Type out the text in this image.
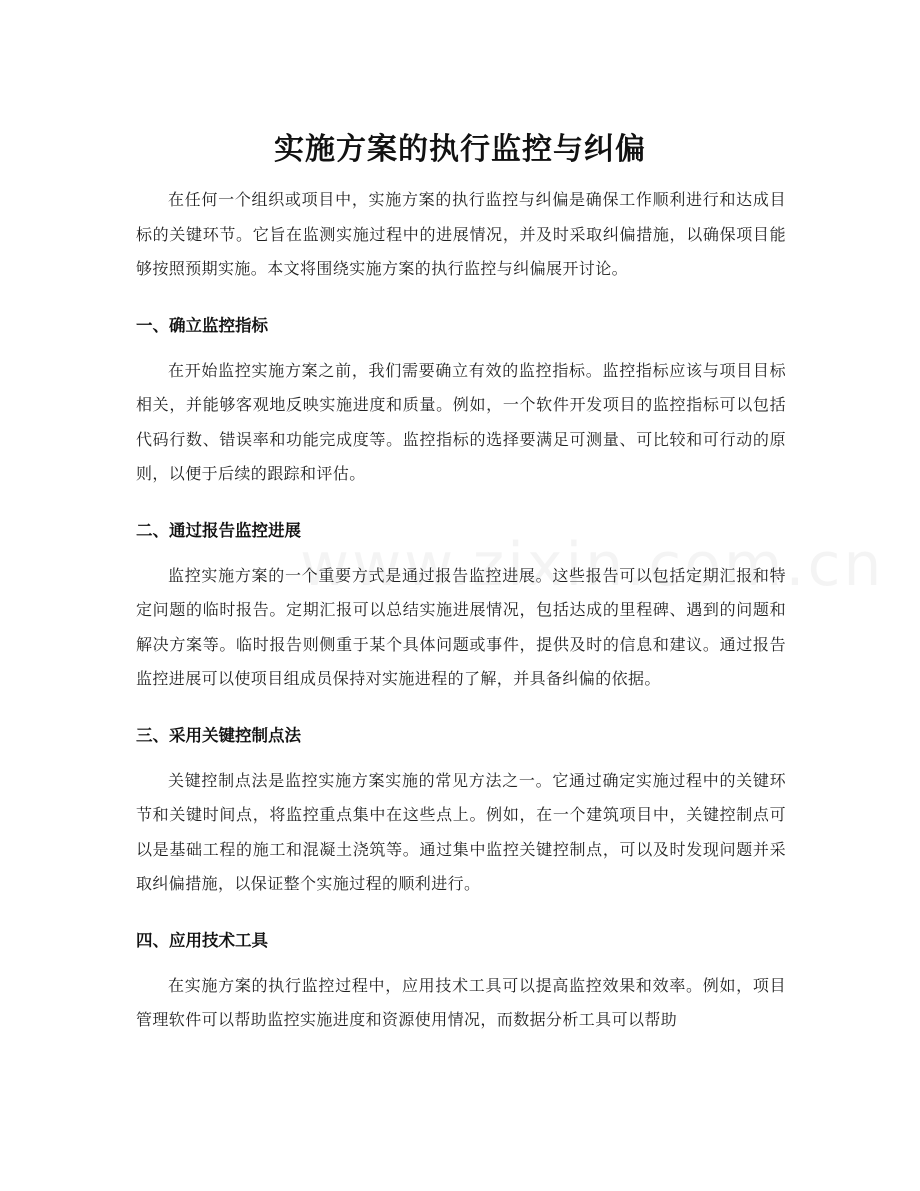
实施方案的执行监控与纠偏

在任何一个组织或项目中，实施方案的执行监控与纠偏是确保工作顺利进行和达成目标的关键环节。它旨在监测实施过程中的进展情况，并及时采取纠偏措施，以确保项目能够按照预期实施。本文将围绕实施方案的执行监控与纠偏展开讨论。

一、确立监控指标

在开始监控实施方案之前，我们需要确立有效的监控指标。监控指标应该与项目目标相关，并能够客观地反映实施进度和质量。例如，一个软件开发项目的监控指标可以包括代码行数、错误率和功能完成度等。监控指标的选择要满足可测量、可比较和可行动的原则，以便于后续的跟踪和评估。

二、通过报告监控进展

监控实施方案的一个重要方式是通过报告监控进展。这些报告可以包括定期汇报和特定问题的临时报告。定期汇报可以总结实施进展情况，包括达成的里程碑、遇到的问题和解决方案等。临时报告则侧重于某个具体问题或事件，提供及时的信息和建议。通过报告监控进展可以使项目组成员保持对实施进程的了解，并具备纠偏的依据。

三、采用关键控制点法

关键控制点法是监控实施方案实施的常见方法之一。它通过确定实施过程中的关键环节和关键时间点，将监控重点集中在这些点上。例如，在一个建筑项目中，关键控制点可以是基础工程的施工和混凝土浇筑等。通过集中监控关键控制点，可以及时发现问题并采取纠偏措施，以保证整个实施过程的顺利进行。

四、应用技术工具

在实施方案的执行监控过程中，应用技术工具可以提高监控效果和效率。例如，项目管理软件可以帮助监控实施进度和资源使用情况，而数据分析工具可以帮助
